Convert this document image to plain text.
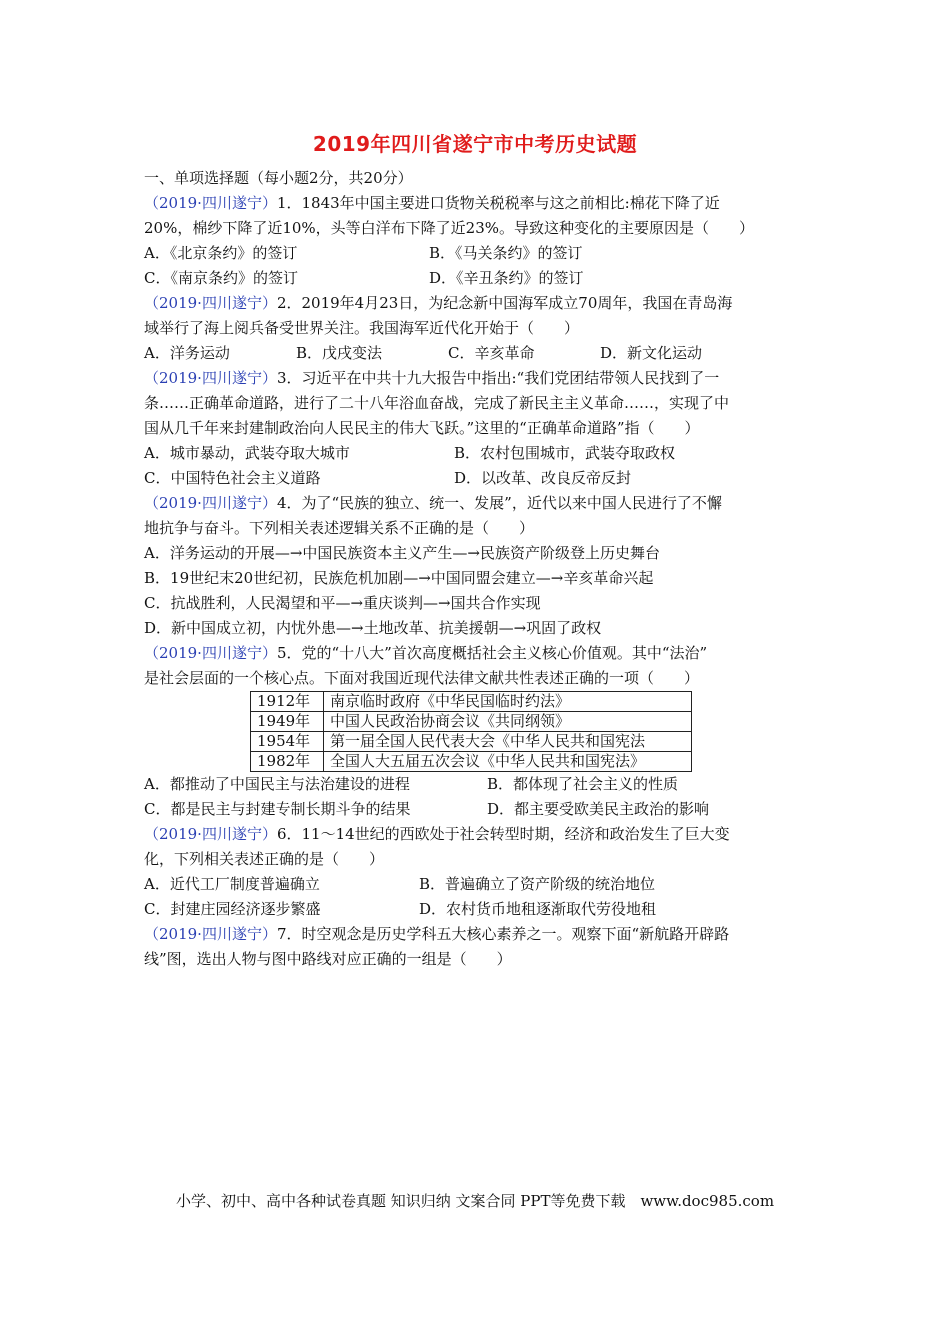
2019年四川省遂宁市中考历史试题
一、单项选择题（每小题2分，共20分）
（2019·四川遂宁）1．1843年中国主要进口货物关税税率与这之前相比:棉花下降了近
20%，棉纱下降了近10%，头等白洋布下降了近23%。导致这种变化的主要原因是（　　）
A．《北京条约》的签订	B．《马关条约》的签订
C．《南京条约》的签订	D．《辛丑条约》的签订
（2019·四川遂宁）2．2019年4月23日，为纪念新中国海军成立70周年，我国在青岛海
域举行了海上阅兵备受世界关注。我国海军近代化开始于（　　）
A．洋务运动	B．戊戌变法	C．辛亥革命	D．新文化运动
（2019·四川遂宁）3．习近平在中共十九大报告中指出:“我们党团结带领人民找到了一
条……正确革命道路，进行了二十八年浴血奋战，完成了新民主主义革命……，实现了中
国从几千年来封建制政治向人民民主的伟大飞跃。”这里的“正确革命道路”指（　　）
A．城市暴动，武装夺取大城市	B．农村包围城市，武装夺取政权
C．中国特色社会主义道路	D．以改革、改良反帝反封
（2019·四川遂宁）4．为了“民族的独立、统一、发展”，近代以来中国人民进行了不懈
地抗争与奋斗。下列相关表述逻辑关系不正确的是（　　）
A．洋务运动的开展—→中国民族资本主义产生—→民族资产阶级登上历史舞台
B．19世纪末20世纪初，民族危机加剧—→中国同盟会建立—→辛亥革命兴起
C．抗战胜利，人民渴望和平—→重庆谈判—→国共合作实现
D．新中国成立初，内忧外患—→土地改革、抗美援朝—→巩固了政权
（2019·四川遂宁）5．党的“十八大”首次高度概括社会主义核心价值观。其中“法治”
是社会层面的一个核心点。下面对我国近现代法律文献共性表述正确的一项（　　）
1912年	南京临时政府《中华民国临时约法》
1949年	中国人民政治协商会议《共同纲领》
1954年	第一届全国人民代表大会《中华人民共和国宪法
1982年	全国人大五届五次会议《中华人民共和国宪法》
A．都推动了中国民主与法治建设的进程	B．都体现了社会主义的性质
C．都是民主与封建专制长期斗争的结果	D．都主要受欧美民主政治的影响
（2019·四川遂宁）6．11～14世纪的西欧处于社会转型时期，经济和政治发生了巨大变
化，下列相关表述正确的是（　　）
A．近代工厂制度普遍确立	B．普遍确立了资产阶级的统治地位
C．封建庄园经济逐步繁盛	D．农村货币地租逐渐取代劳役地租
（2019·四川遂宁）7．时空观念是历史学科五大核心素养之一。观察下面“新航路开辟路
线”图，选出人物与图中路线对应正确的一组是（　　）
小学、初中、高中各种试卷真题 知识归纳 文案合同 PPT等免费下载　www.doc985.com
